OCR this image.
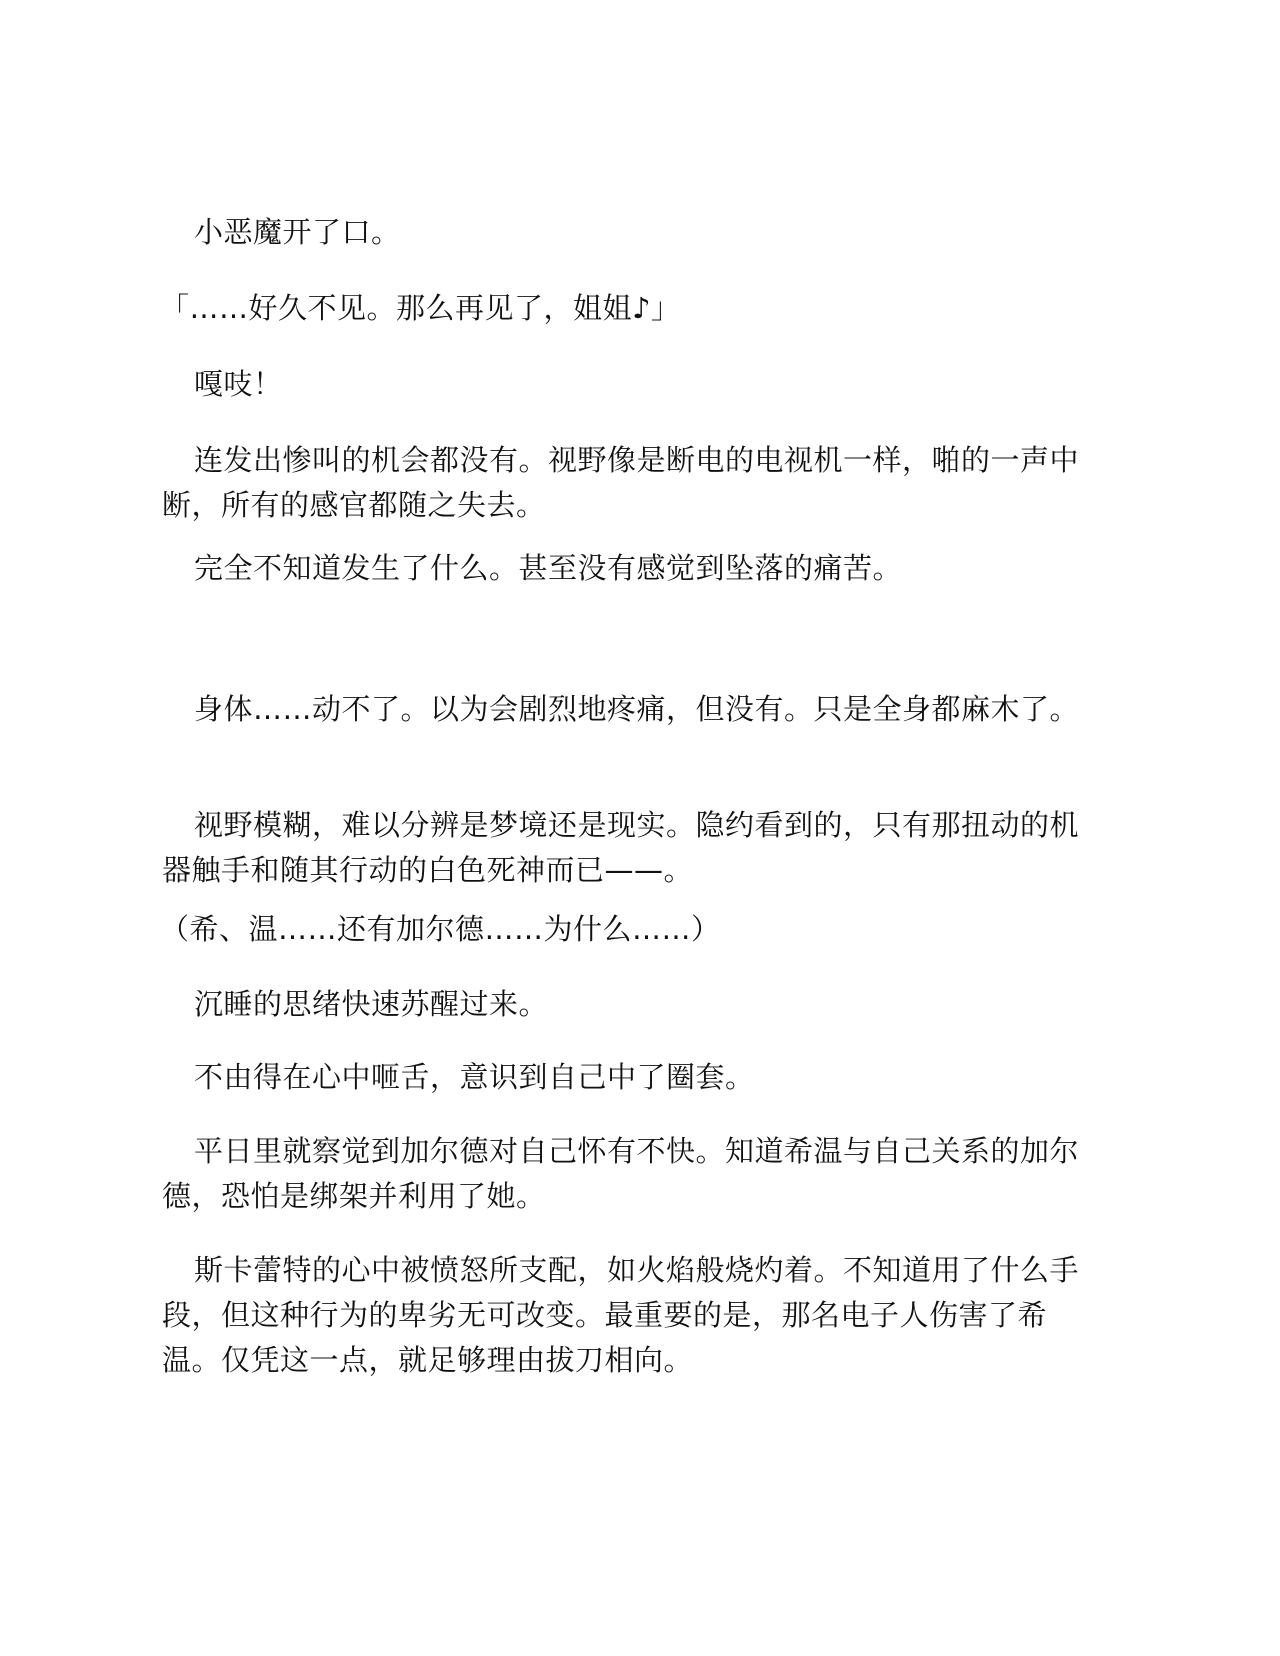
小恶魔开了口。

「……好久不见。那么再见了，姐姐♪」

嘎吱！

连发出惨叫的机会都没有。视野像是断电的电视机一样，啪的一声中断，所有的感官都随之失去。

完全不知道发生了什么。甚至没有感觉到坠落的痛苦。

身体……动不了。以为会剧烈地疼痛，但没有。只是全身都麻木了。

视野模糊，难以分辨是梦境还是现实。隐约看到的，只有那扭动的机器触手和随其行动的白色死神而已——。

（希、温……还有加尔德……为什么……）

沉睡的思绪快速苏醒过来。

不由得在心中咂舌，意识到自己中了圈套。

平日里就察觉到加尔德对自己怀有不快。知道希温与自己关系的加尔德，恐怕是绑架并利用了她。

斯卡蕾特的心中被愤怒所支配，如火焰般烧灼着。不知道用了什么手段，但这种行为的卑劣无可改变。最重要的是，那名电子人伤害了希温。仅凭这一点，就足够理由拔刀相向。
